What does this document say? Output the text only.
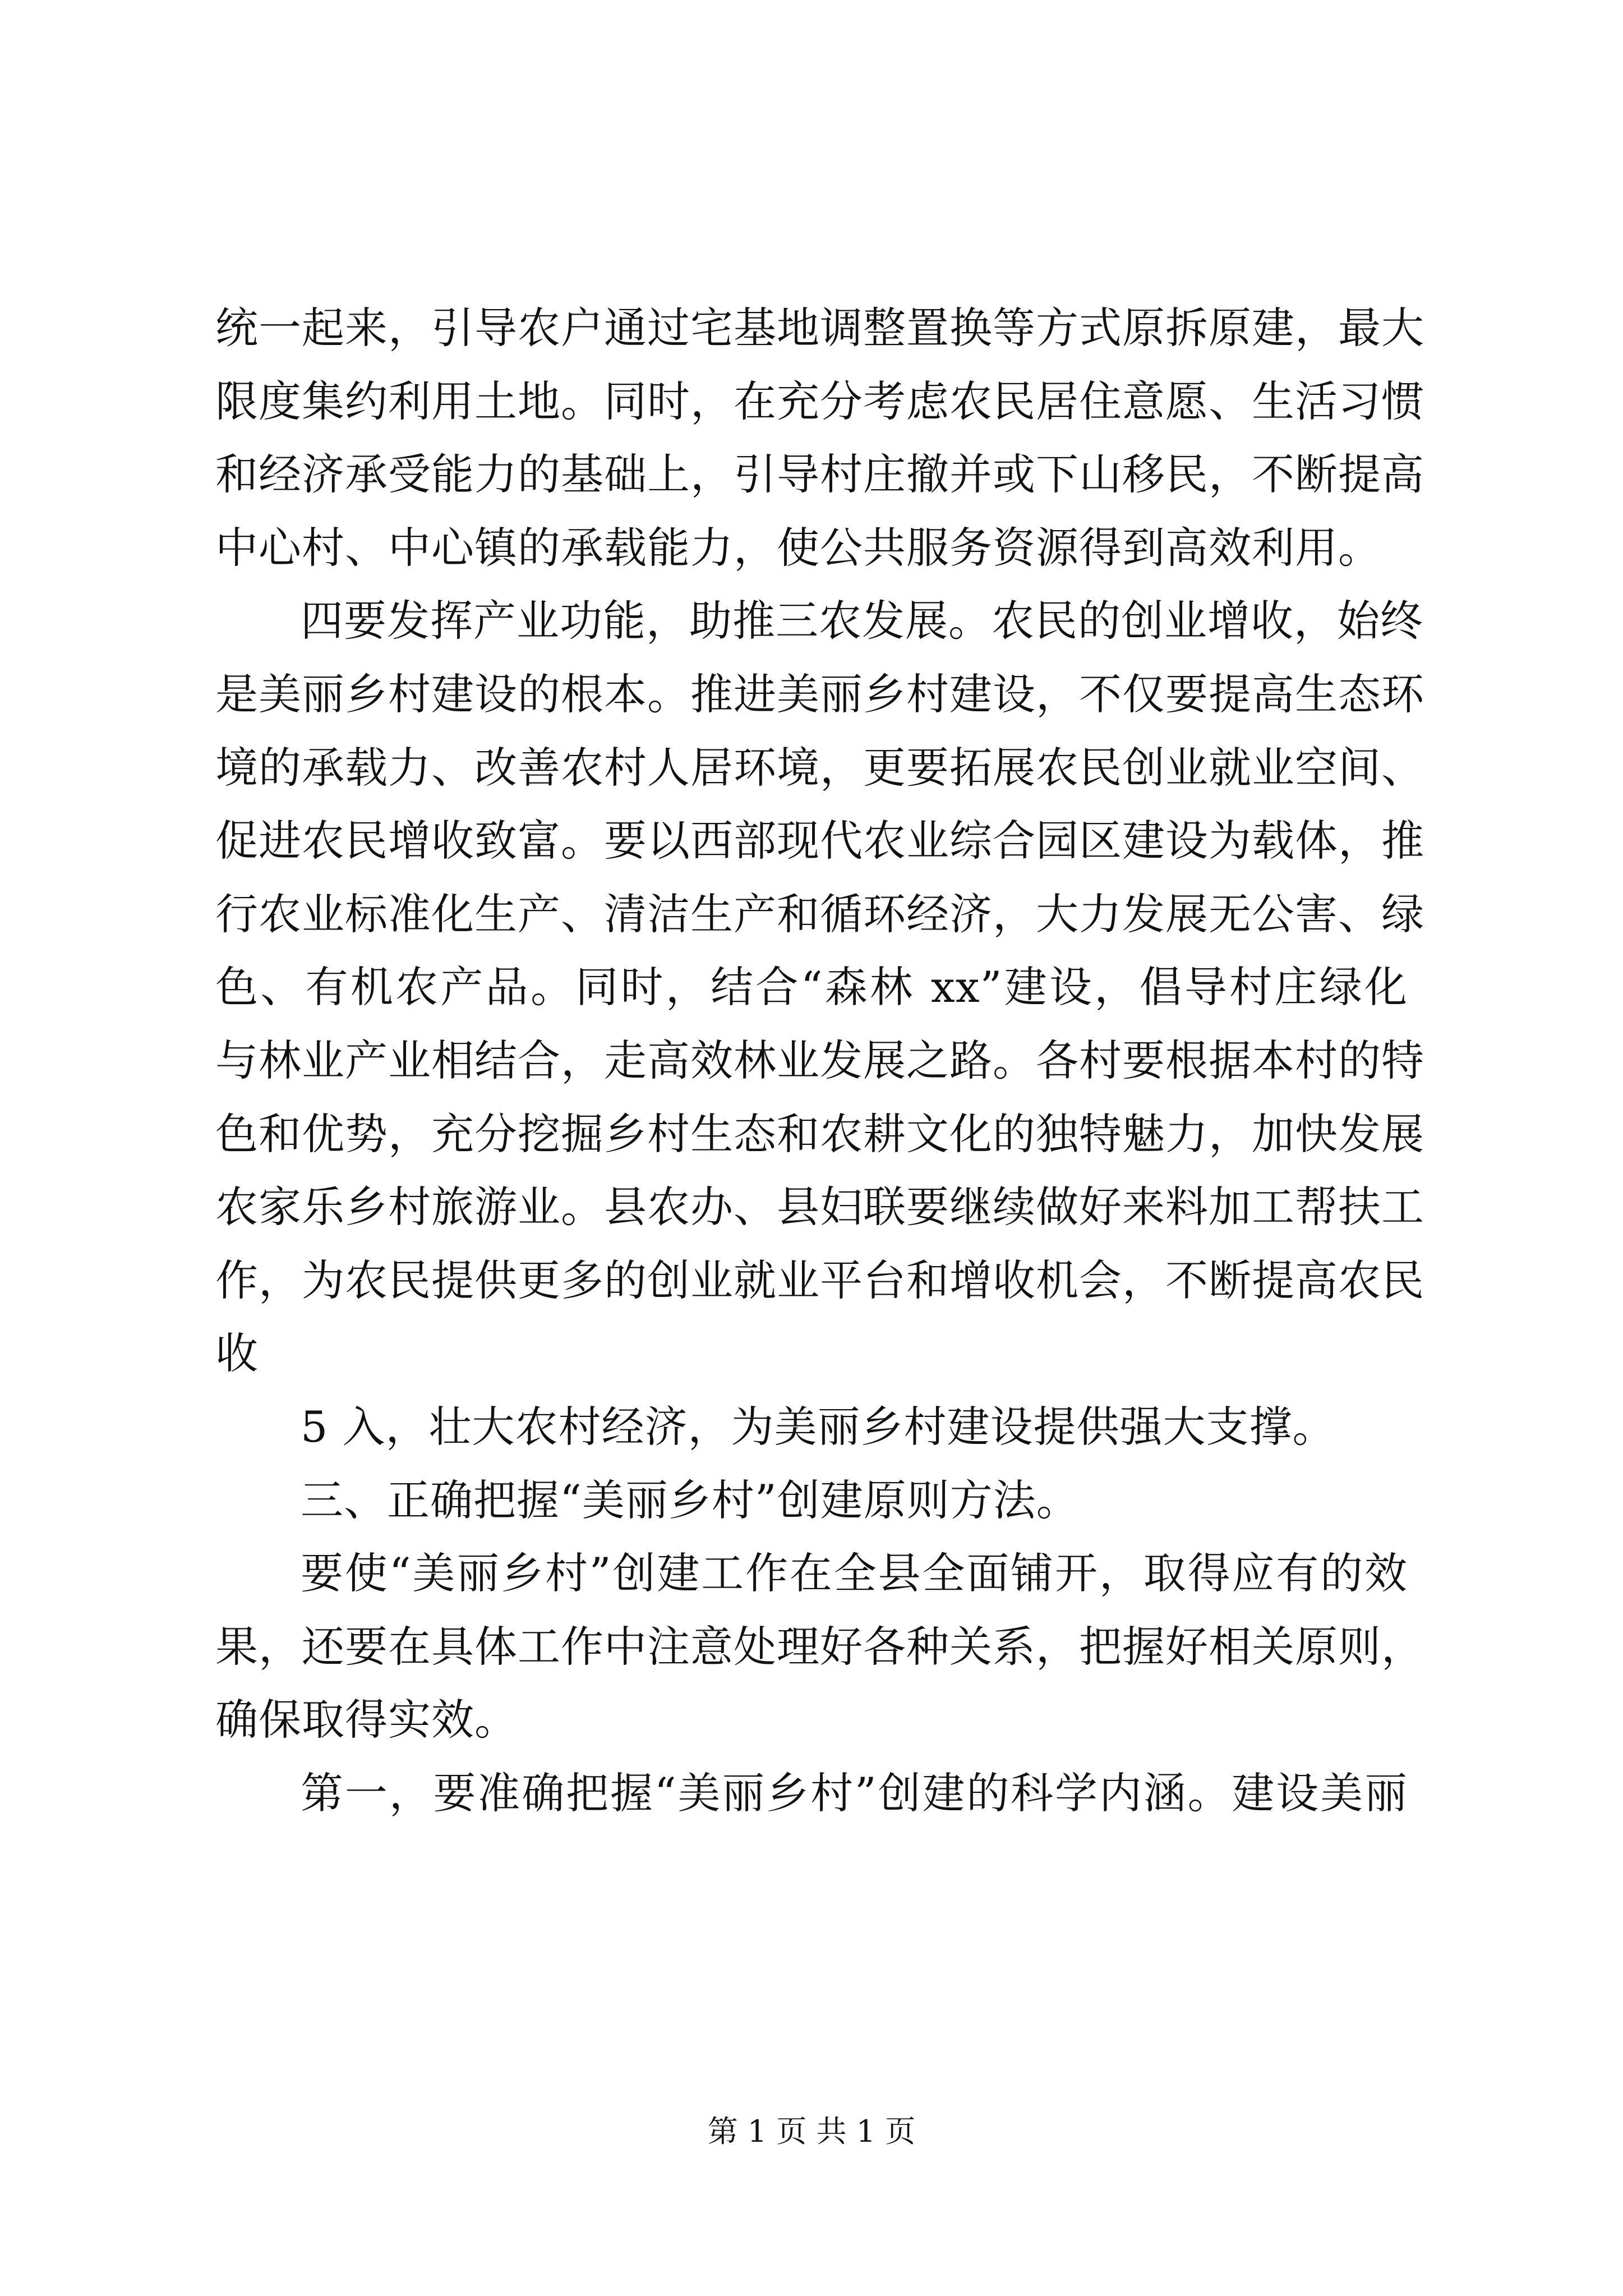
统一起来，引导农户通过宅基地调整置换等方式原拆原建，最大
限度集约利用土地。同时，在充分考虑农民居住意愿、生活习惯
和经济承受能力的基础上，引导村庄撤并或下山移民，不断提高
中心村、中心镇的承载能力，使公共服务资源得到高效利用。
四要发挥产业功能，助推三农发展。农民的创业增收，始终
是美丽乡村建设的根本。推进美丽乡村建设，不仅要提高生态环
境的承载力、改善农村人居环境，更要拓展农民创业就业空间、
促进农民增收致富。要以西部现代农业综合园区建设为载体，推
行农业标准化生产、清洁生产和循环经济，大力发展无公害、绿
色、有机农产品。同时，结合“森林 xx”建设，倡导村庄绿化
与林业产业相结合，走高效林业发展之路。各村要根据本村的特
色和优势，充分挖掘乡村生态和农耕文化的独特魅力，加快发展
农家乐乡村旅游业。县农办、县妇联要继续做好来料加工帮扶工
作，为农民提供更多的创业就业平台和增收机会，不断提高农民
收
5 入，壮大农村经济，为美丽乡村建设提供强大支撑。
三、正确把握“美丽乡村”创建原则方法。
要使“美丽乡村”创建工作在全县全面铺开，取得应有的效
果，还要在具体工作中注意处理好各种关系，把握好相关原则，
确保取得实效。
第一，要准确把握“美丽乡村”创建的科学内涵。建设美丽
第 1 页 共 1 页
